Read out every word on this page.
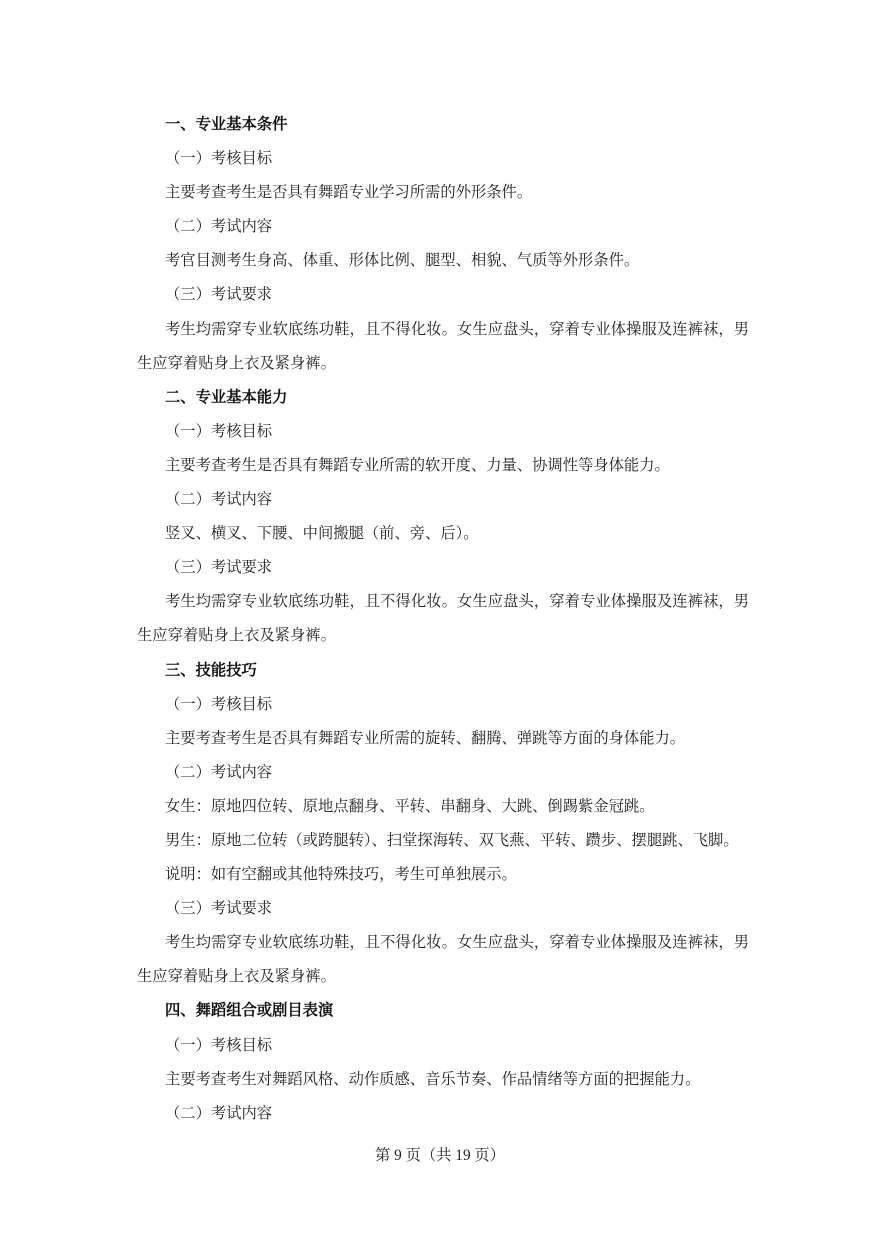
一、专业基本条件

（一）考核目标

主要考查考生是否具有舞蹈专业学习所需的外形条件。

（二）考试内容

考官目测考生身高、体重、形体比例、腿型、相貌、气质等外形条件。

（三）考试要求

考生均需穿专业软底练功鞋，且不得化妆。女生应盘头，穿着专业体操服及连裤袜，男生应穿着贴身上衣及紧身裤。

二、专业基本能力

（一）考核目标

主要考查考生是否具有舞蹈专业所需的软开度、力量、协调性等身体能力。

（二）考试内容

竖叉、横叉、下腰、中间搬腿（前、旁、后）。

（三）考试要求

考生均需穿专业软底练功鞋，且不得化妆。女生应盘头，穿着专业体操服及连裤袜，男生应穿着贴身上衣及紧身裤。

三、技能技巧

（一）考核目标

主要考查考生是否具有舞蹈专业所需的旋转、翻腾、弹跳等方面的身体能力。

（二）考试内容

女生：原地四位转、原地点翻身、平转、串翻身、大跳、倒踢紫金冠跳。

男生：原地二位转（或跨腿转）、扫堂探海转、双飞燕、平转、躜步、摆腿跳、飞脚。

说明：如有空翻或其他特殊技巧，考生可单独展示。

（三）考试要求

考生均需穿专业软底练功鞋，且不得化妆。女生应盘头，穿着专业体操服及连裤袜，男生应穿着贴身上衣及紧身裤。

四、舞蹈组合或剧目表演

（一）考核目标

主要考查考生对舞蹈风格、动作质感、音乐节奏、作品情绪等方面的把握能力。

（二）考试内容

第 9 页（共 19 页）
